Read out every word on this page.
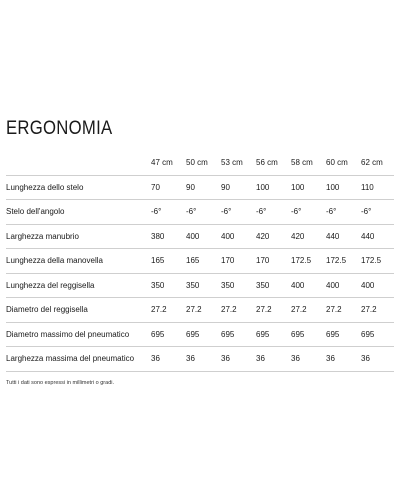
ERGONOMIA
	47 cm	50 cm	53 cm	56 cm	58 cm	60 cm	62 cm
Lunghezza dello stelo	70	90	90	100	100	100	110
Stelo dell'angolo	-6°	-6°	-6°	-6°	-6°	-6°	-6°
Larghezza manubrio	380	400	400	420	420	440	440
Lunghezza della manovella	165	165	170	170	172.5	172.5	172.5
Lunghezza del reggisella	350	350	350	350	400	400	400
Diametro del reggisella	27.2	27.2	27.2	27.2	27.2	27.2	27.2
Diametro massimo del pneumatico	695	695	695	695	695	695	695
Larghezza massima del pneumatico	36	36	36	36	36	36	36
Tutti i dati sono espressi in millimetri o gradi.
